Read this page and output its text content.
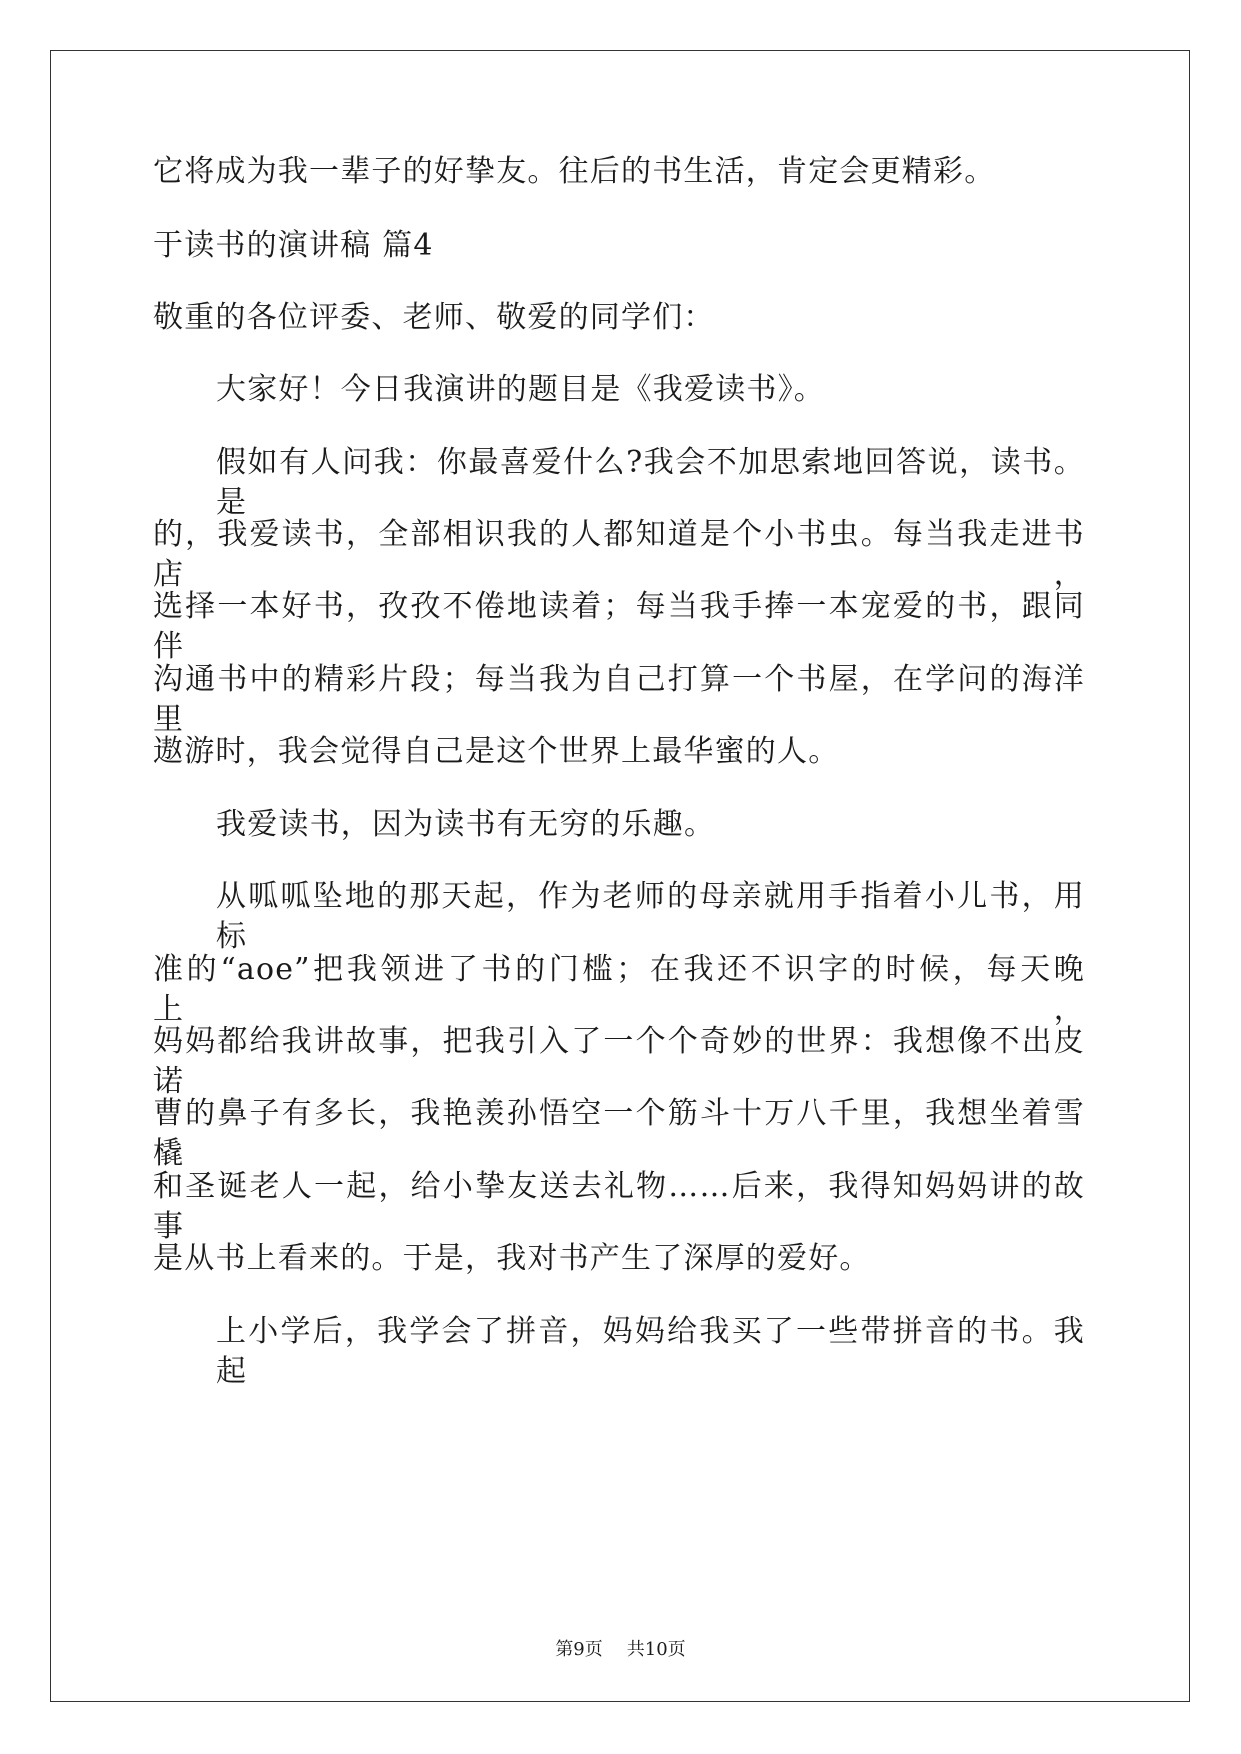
它将成为我一辈子的好挚友。往后的书生活，肯定会更精彩。
于读书的演讲稿 篇4
敬重的各位评委、老师、敬爱的同学们：
大家好！今日我演讲的题目是《我爱读书》。
假如有人问我：你最喜爱什么?我会不加思索地回答说，读书。是
的，我爱读书，全部相识我的人都知道是个小书虫。每当我走进书店，
选择一本好书，孜孜不倦地读着；每当我手捧一本宠爱的书，跟同伴
沟通书中的精彩片段；每当我为自己打算一个书屋，在学问的海洋里
遨游时，我会觉得自己是这个世界上最华蜜的人。
我爱读书，因为读书有无穷的乐趣。
从呱呱坠地的那天起，作为老师的母亲就用手指着小儿书，用标
准的“aoe”把我领进了书的门槛；在我还不识字的时候，每天晚上，
妈妈都给我讲故事，把我引入了一个个奇妙的世界：我想像不出皮诺
曹的鼻子有多长，我艳羡孙悟空一个筋斗十万八千里，我想坐着雪橇
和圣诞老人一起，给小挚友送去礼物……后来，我得知妈妈讲的故事
是从书上看来的。于是，我对书产生了深厚的爱好。
上小学后，我学会了拼音，妈妈给我买了一些带拼音的书。我起
第9页 共10页
